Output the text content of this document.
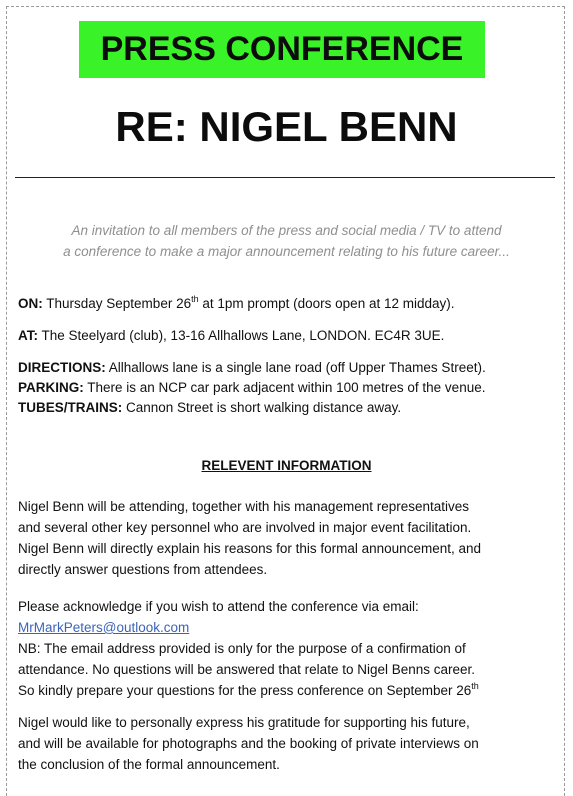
PRESS CONFERENCE
RE: NIGEL BENN
An invitation to all members of the press and social media / TV to attend
a conference to make a major announcement relating to his future career...
ON: Thursday September 26th at 1pm prompt (doors open at 12 midday).
AT: The Steelyard (club), 13-16 Allhallows Lane, LONDON. EC4R 3UE.
DIRECTIONS: Allhallows lane is a single lane road (off Upper Thames Street).
PARKING: There is an NCP car park adjacent within 100 metres of the venue.
TUBES/TRAINS: Cannon Street is short walking distance away.
RELEVENT INFORMATION
Nigel Benn will be attending, together with his management representatives
and several other key personnel who are involved in major event facilitation.
Nigel Benn will directly explain his reasons for this formal announcement, and
directly answer questions from attendees.
Please acknowledge if you wish to attend the conference via email:
MrMarkPeters@outlook.com
NB: The email address provided is only for the purpose of a confirmation of
attendance. No questions will be answered that relate to Nigel Benns career.
So kindly prepare your questions for the press conference on September 26th
Nigel would like to personally express his gratitude for supporting his future,
and will be available for photographs and the booking of private interviews on
the conclusion of the formal announcement.
